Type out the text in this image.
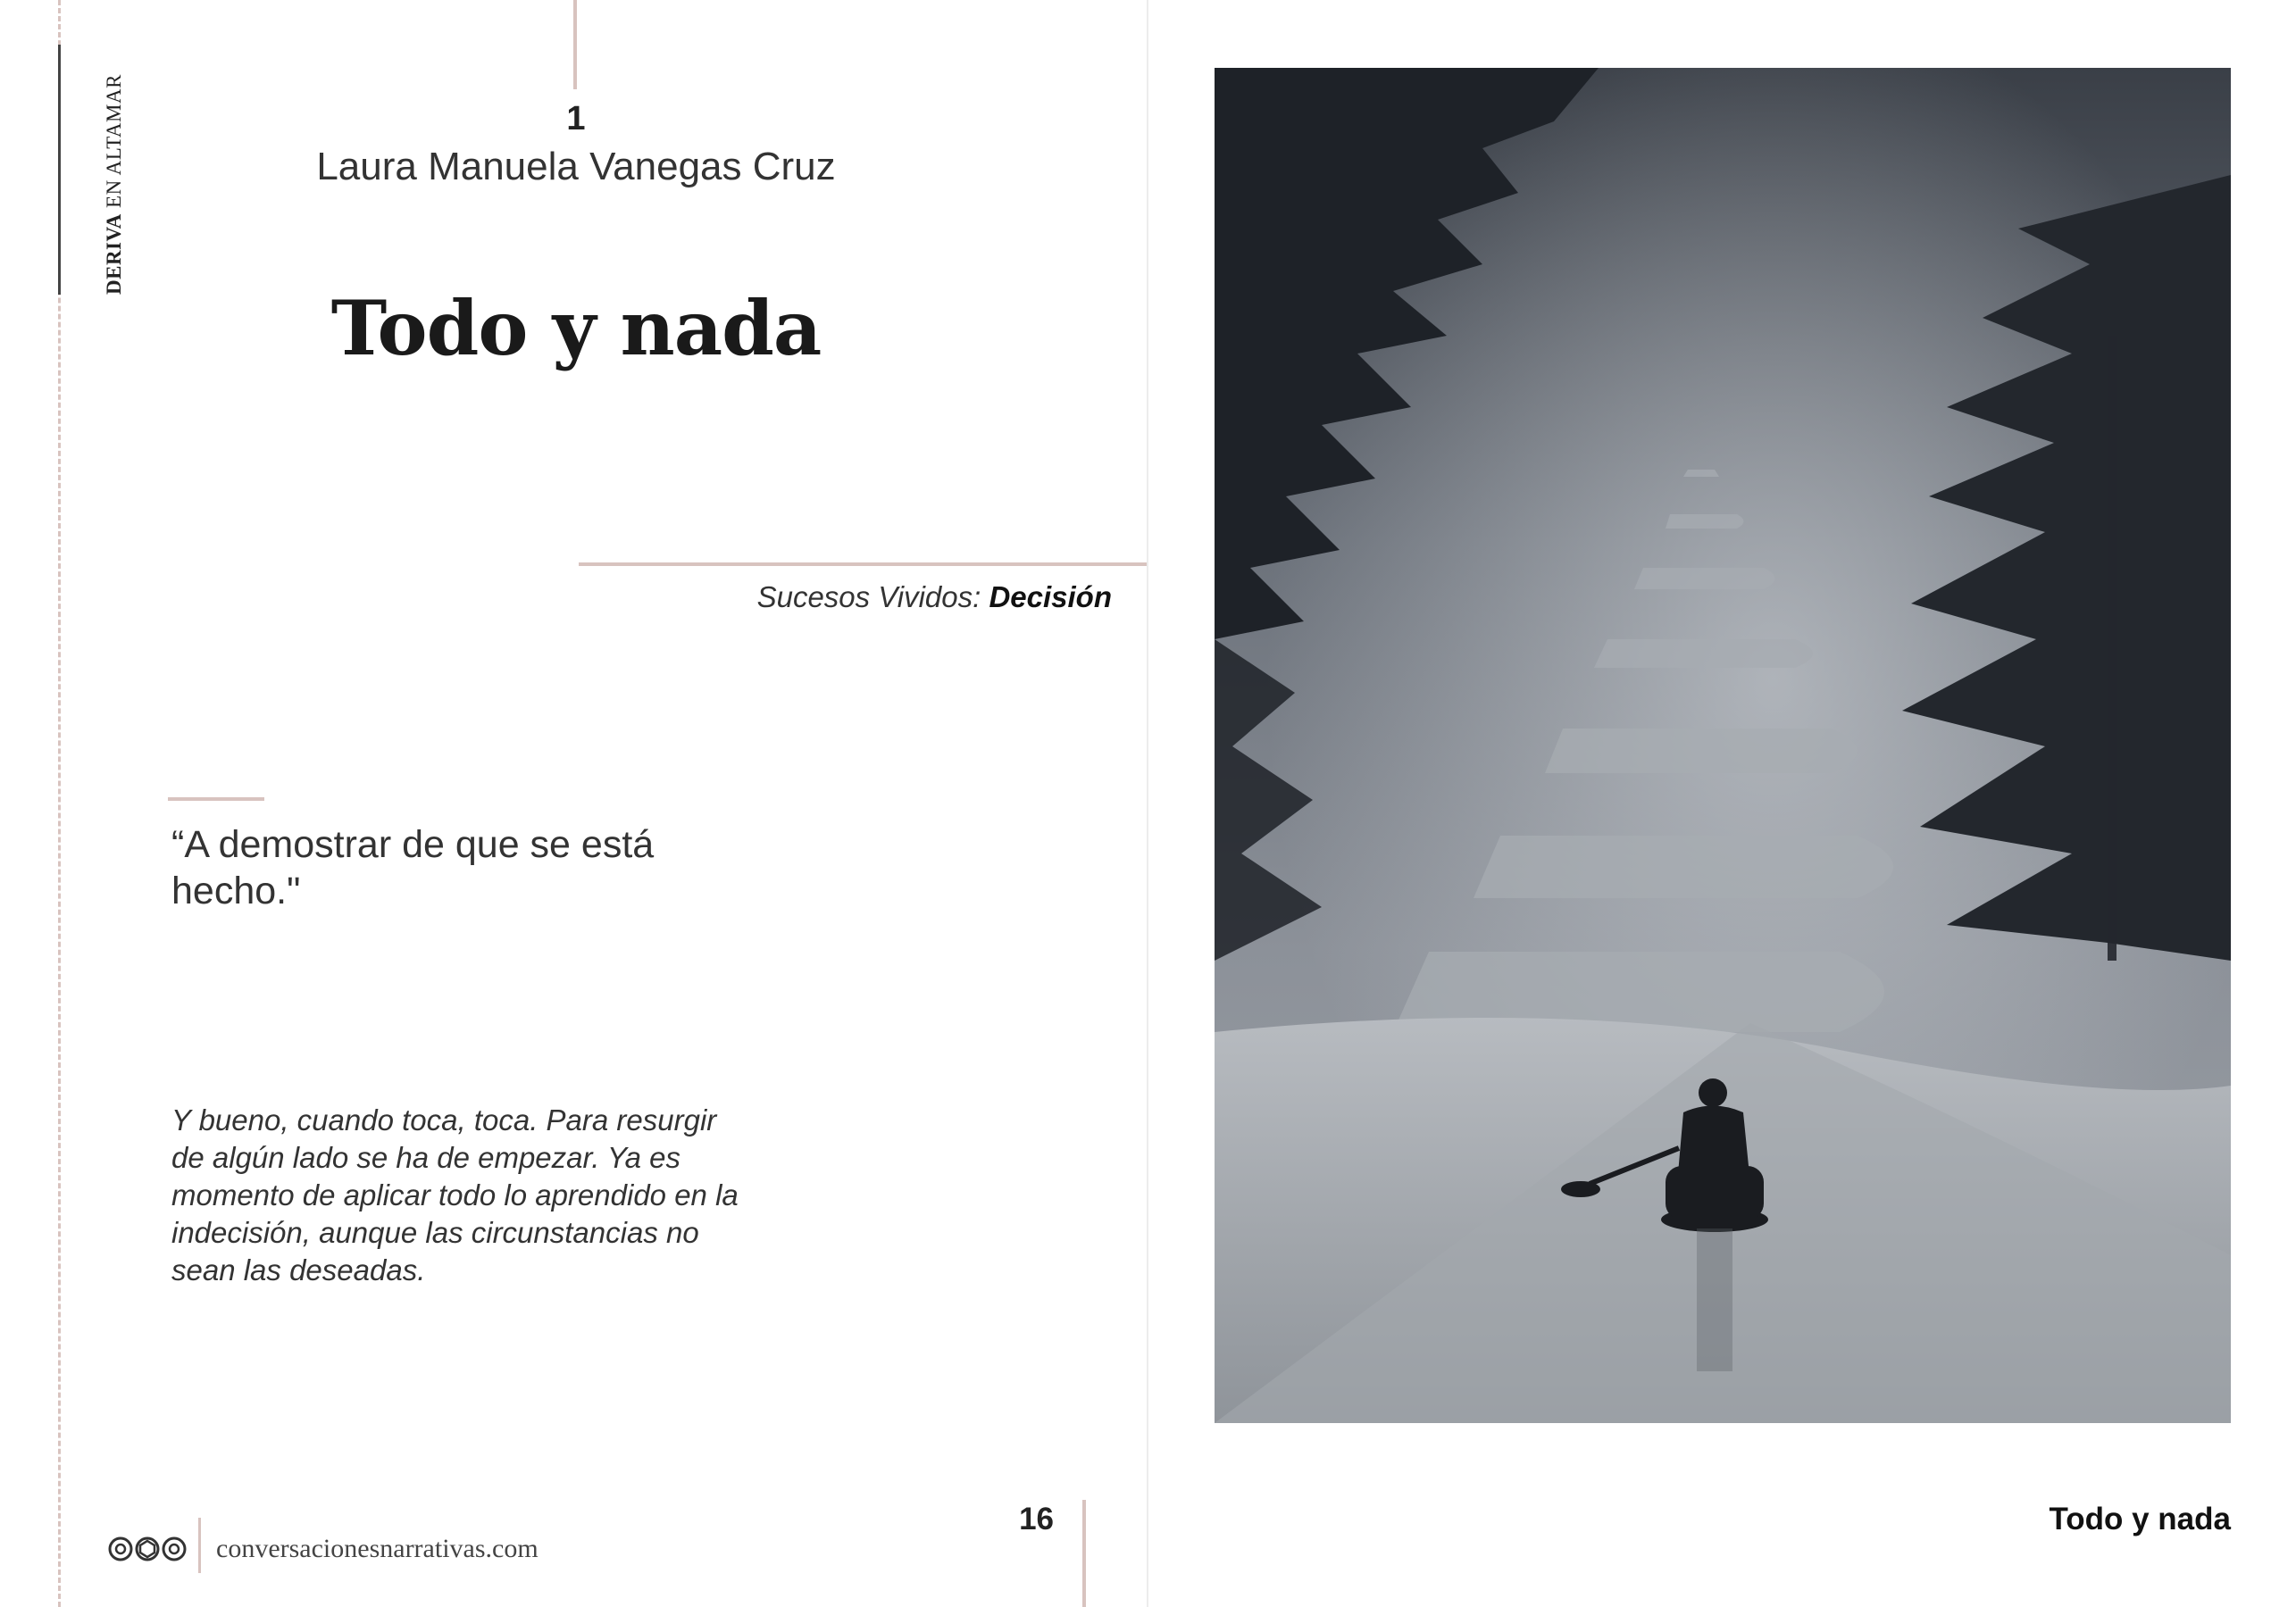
DERIVA EN ALTAMAR	1
Laura Manuela Vanegas Cruz
Todo y nada
Sucesos Vividos: Decisión
“A demostrar de que se está hecho."
Y bueno, cuando toca, toca. Para resurgir de algún lado se ha de empezar. Ya es momento de aplicar todo lo aprendido en la indecisión, aunque las circunstancias no sean las deseadas.
conversacionesnarrativas.com
16	Todo y nada
